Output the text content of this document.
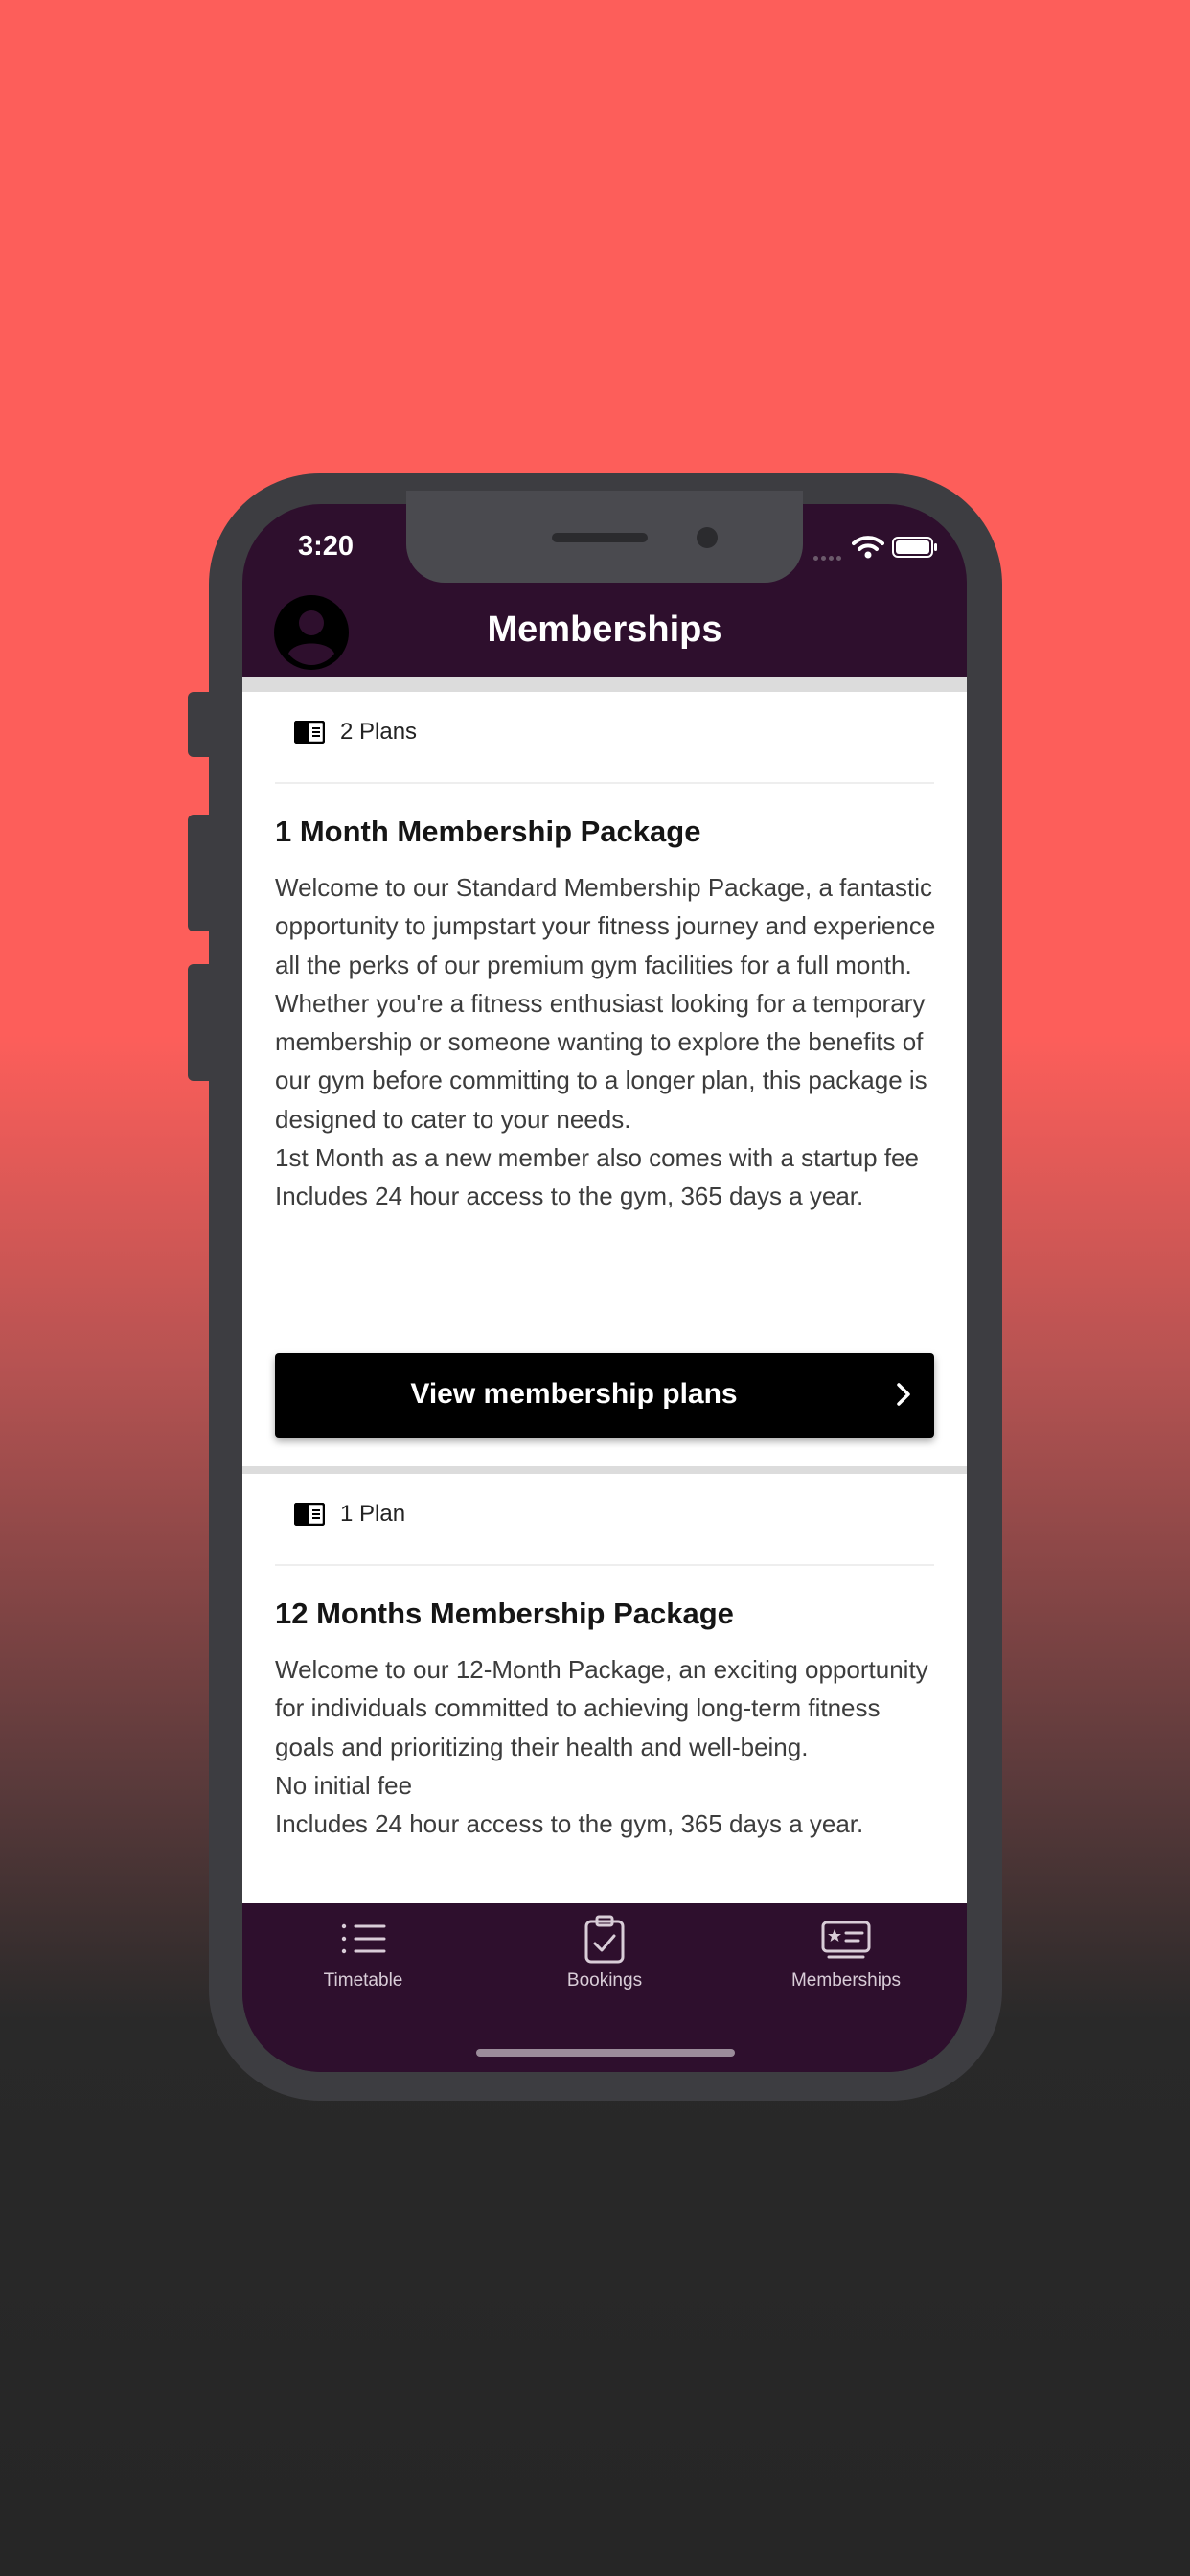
3:20
Memberships
2 Plans
1 Month Membership Package

Welcome to our Standard Membership Package, a fantastic opportunity to jumpstart your fitness journey and experience all the perks of our premium gym facilities for a full month. Whether you're a fitness enthusiast looking for a temporary membership or someone wanting to explore the benefits of our gym before committing to a longer plan, this package is designed to cater to your needs.

1st Month as a new member also comes with a startup fee

Includes 24 hour access to the gym, 365 days a year.

View membership plans
1 Plan
12 Months Membership Package

Welcome to our 12-Month Package, an exciting opportunity for individuals committed to achieving long-term fitness goals and prioritizing their health and well-being.

No initial fee

Includes 24 hour access to the gym, 365 days a year.

Timetable	Bookings	Memberships
